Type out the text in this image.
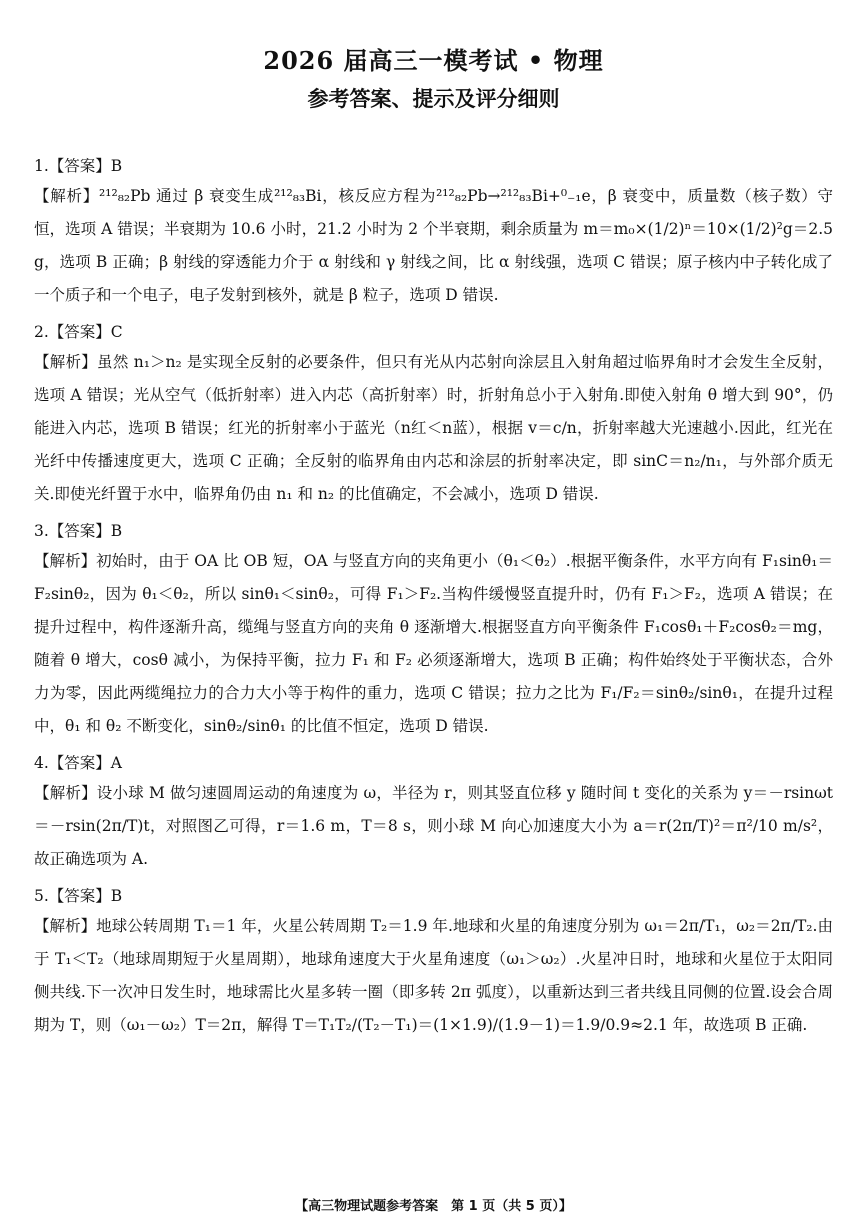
2026 届高三一模考试 • 物理
参考答案、提示及评分细则
1.【答案】B
【解析】²¹²₈₂Pb 通过 β 衰变生成²¹²₈₃Bi，核反应方程为²¹²₈₂Pb→²¹²₈₃Bi+⁰₋₁e，β 衰变中，质量数（核子数）守恒，选项 A 错误；半衰期为 10.6 小时，21.2 小时为 2 个半衰期，剩余质量为 m＝m₀×(1/2)ⁿ＝10×(1/2)²g＝2.5 g，选项 B 正确；β 射线的穿透能力介于 α 射线和 γ 射线之间，比 α 射线强，选项 C 错误；原子核内中子转化成了一个质子和一个电子，电子发射到核外，就是 β 粒子，选项 D 错误.
2.【答案】C
【解析】虽然 n₁＞n₂ 是实现全反射的必要条件，但只有光从内芯射向涂层且入射角超过临界角时才会发生全反射，选项 A 错误；光从空气（低折射率）进入内芯（高折射率）时，折射角总小于入射角.即使入射角 θ 增大到 90°，仍能进入内芯，选项 B 错误；红光的折射率小于蓝光（n红＜n蓝），根据 v＝c/n，折射率越大光速越小.因此，红光在光纤中传播速度更大，选项 C 正确；全反射的临界角由内芯和涂层的折射率决定，即 sinC＝n₂/n₁，与外部介质无关.即使光纤置于水中，临界角仍由 n₁ 和 n₂ 的比值确定，不会减小，选项 D 错误.
3.【答案】B
【解析】初始时，由于 OA 比 OB 短，OA 与竖直方向的夹角更小（θ₁＜θ₂）.根据平衡条件，水平方向有 F₁sinθ₁＝F₂sinθ₂，因为 θ₁＜θ₂，所以 sinθ₁＜sinθ₂，可得 F₁＞F₂.当构件缓慢竖直提升时，仍有 F₁＞F₂，选项 A 错误；在提升过程中，构件逐渐升高，缆绳与竖直方向的夹角 θ 逐渐增大.根据竖直方向平衡条件 F₁cosθ₁＋F₂cosθ₂＝mg，随着 θ 增大，cosθ 减小，为保持平衡，拉力 F₁ 和 F₂ 必须逐渐增大，选项 B 正确；构件始终处于平衡状态，合外力为零，因此两缆绳拉力的合力大小等于构件的重力，选项 C 错误；拉力之比为 F₁/F₂＝sinθ₂/sinθ₁，在提升过程中，θ₁ 和 θ₂ 不断变化，sinθ₂/sinθ₁ 的比值不恒定，选项 D 错误.
4.【答案】A
【解析】设小球 M 做匀速圆周运动的角速度为 ω，半径为 r，则其竖直位移 y 随时间 t 变化的关系为 y＝－rsinωt＝－rsin(2π/T)t，对照图乙可得，r＝1.6 m，T＝8 s，则小球 M 向心加速度大小为 a＝r(2π/T)²＝π²/10 m/s²，故正确选项为 A.
5.【答案】B
【解析】地球公转周期 T₁＝1 年，火星公转周期 T₂＝1.9 年.地球和火星的角速度分别为 ω₁＝2π/T₁，ω₂＝2π/T₂.由于 T₁＜T₂（地球周期短于火星周期），地球角速度大于火星角速度（ω₁＞ω₂）.火星冲日时，地球和火星位于太阳同侧共线.下一次冲日发生时，地球需比火星多转一圈（即多转 2π 弧度），以重新达到三者共线且同侧的位置.设会合周期为 T，则（ω₁－ω₂）T＝2π，解得 T＝T₁T₂/(T₂－T₁)＝(1×1.9)/(1.9－1)＝1.9/0.9≈2.1 年，故选项 B 正确.
【高三物理试题参考答案　第 1 页（共 5 页）】
